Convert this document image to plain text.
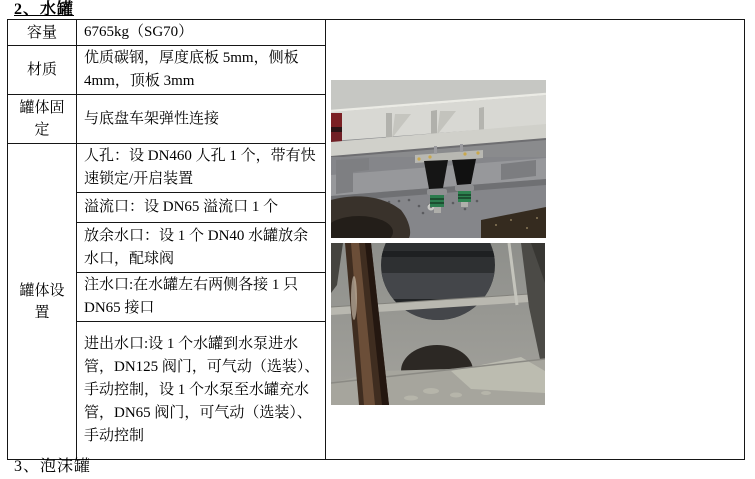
2、水罐
容量	6765kg（SG70）

材质	优质碳钢，厚度底板 5mm，侧板 4mm，顶板 3mm	

罐体固定	与底盘车架弹性连接	

罐体设置	人孔：设 DN460 人孔 1 个，带有快速锁定/开启装置	

	溢流口：设 DN65 溢流口 1 个	

	放余水口：设 1 个 DN40 水罐放余水口，配球阀	

	注水口:在水罐左右两侧各接 1 只 DN65 接口	

	进出水口:设 1 个水罐到水泵进水管，DN125 阀门，可气动（选装）、手动控制，设 1 个水泵至水罐充水管，DN65 阀门，可气动（选装）、手动控制	
3、泡沫罐
